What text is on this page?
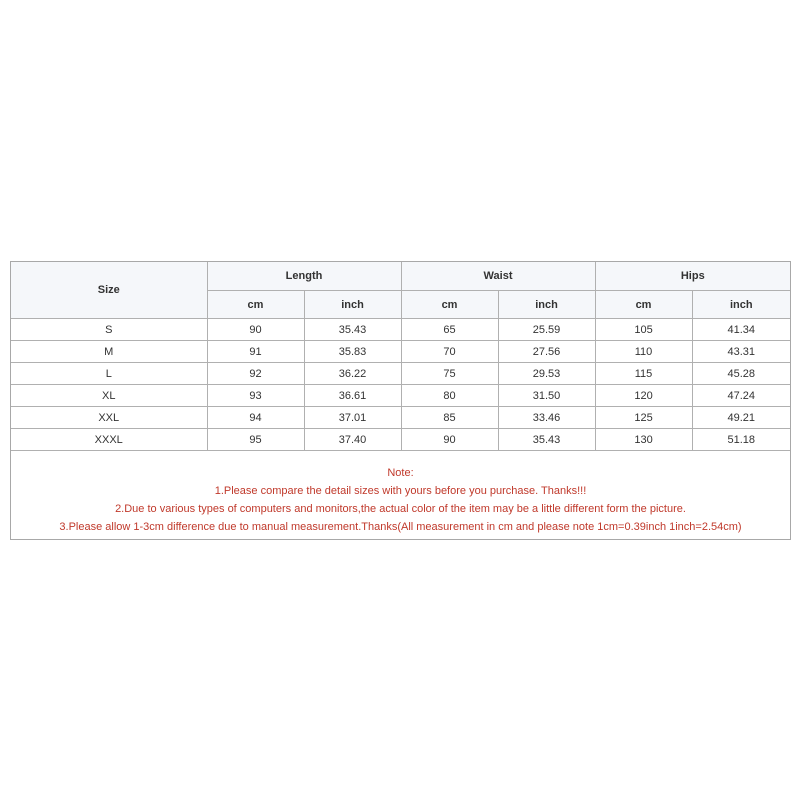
Size	Length		Waist		Hips	
	cm	inch	cm	inch	cm	inch
S	90	35.43	65	25.59	105	41.34
M	91	35.83	70	27.56	110	43.31
L	92	36.22	75	29.53	115	45.28
XL	93	36.61	80	31.50	120	47.24
XXL	94	37.01	85	33.46	125	49.21
XXXL	95	37.40	90	35.43	130	51.18
Note:
1.Please compare the detail sizes with yours before you purchase. Thanks!!!
2.Due to various types of computers and monitors,the actual color of the item may be a little different form the picture.
3.Please allow 1-3cm difference due to manual measurement.Thanks(All measurement in cm and please note 1cm=0.39inch 1inch=2.54cm)
